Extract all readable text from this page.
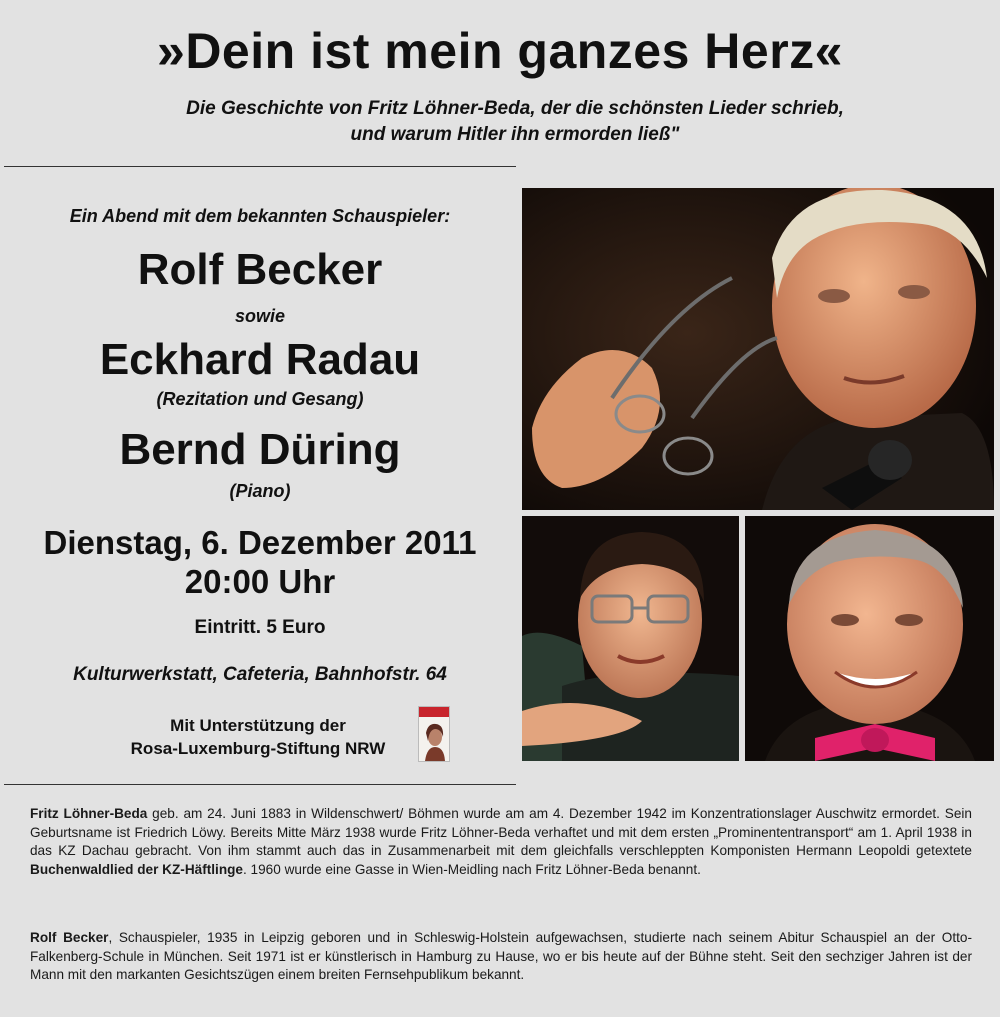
»Dein ist mein ganzes Herz«
Die Geschichte von Fritz Löhner-Beda, der die schönsten Lieder schrieb,
und warum Hitler ihn ermorden ließ"
Ein Abend mit dem bekannten Schauspieler:
Rolf Becker
sowie
Eckhard Radau
(Rezitation und Gesang)
Bernd Düring
(Piano)
Dienstag, 6. Dezember 2011
20:00 Uhr
Eintritt. 5 Euro
Kulturwerkstatt, Cafeteria, Bahnhofstr. 64
Mit Unterstützung der
Rosa-Luxemburg-Stiftung NRW
Fritz Löhner-Beda geb. am 24. Juni 1883 in Wildenschwert/ Böhmen wurde am am 4. Dezember 1942 im Konzentrationslager Auschwitz ermordet. Sein Geburtsname ist Friedrich Löwy. Bereits Mitte März 1938 wurde Fritz Löhner-Beda verhaftet und mit dem ersten „Prominententransport“ am 1. April 1938 in das KZ Dachau gebracht. Von ihm stammt auch das in Zusammenarbeit mit dem gleichfalls verschleppten Komponisten Hermann Leopoldi getextete Buchenwaldlied der KZ-Häftlinge. 1960 wurde eine Gasse in Wien-Meidling nach Fritz Löhner-Beda benannt.
Rolf Becker, Schauspieler, 1935 in Leipzig geboren und in Schleswig-Holstein aufgewachsen, studierte nach seinem Abitur Schauspiel an der Otto-Falkenberg-Schule in München. Seit 1971 ist er künstlerisch in Hamburg zu Hause, wo er bis heute auf der Bühne steht. Seit den sechziger Jahren ist der Mann mit den markanten Gesichtszügen einem breiten Fernsehpublikum bekannt.
